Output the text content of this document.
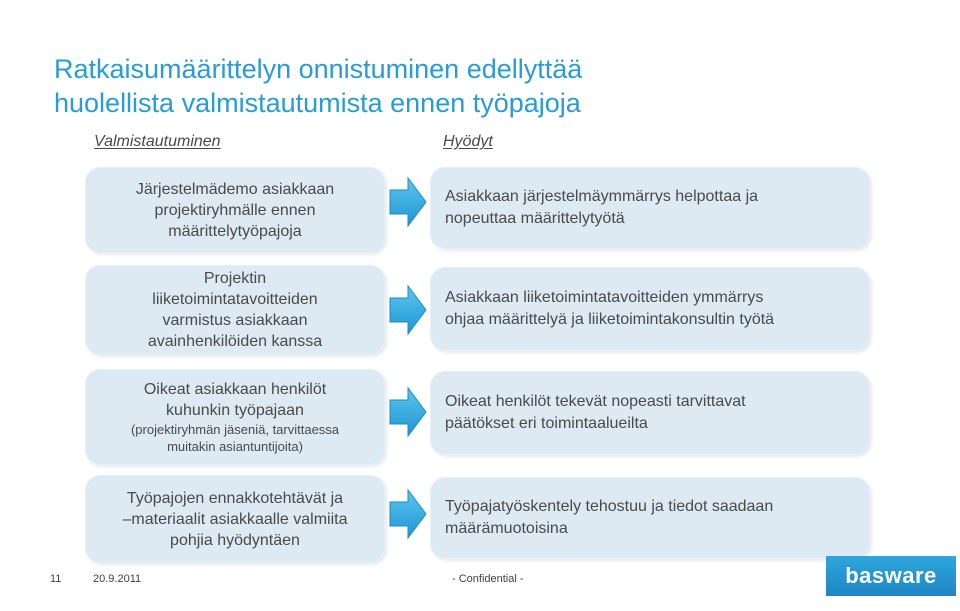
Ratkaisumäärittelyn onnistuminen edellyttää
huolellista valmistautumista ennen työpajoja
Valmistautuminen	Hyödyt
Järjestelmädemo asiakkaan
projektiryhmälle ennen
määrittelytyöpajoja
Asiakkaan järjestelmäymmärrys helpottaa ja
nopeuttaa määrittelytyötä
Projektin
liiketoimintatavoitteiden
varmistus asiakkaan
avainhenkilöiden kanssa
Asiakkaan liiketoimintatavoitteiden ymmärrys
ohjaa määrittelyä ja liiketoimintakonsultin työtä
Oikeat asiakkaan henkilöt
kuhunkin työpajaan
(projektiryhmän jäseniä, tarvittaessa
muitakin asiantuntijoita)
Oikeat henkilöt tekevät nopeasti tarvittavat
päätökset eri toimintaalueilta
Työpajojen ennakkotehtävät ja
–materiaalit asiakkaalle valmiita
pohjia hyödyntäen
Työpajatyöskentely tehostuu ja tiedot saadaan
määrämuotoisina
11	20.9.2011	- Confidential -	basware
